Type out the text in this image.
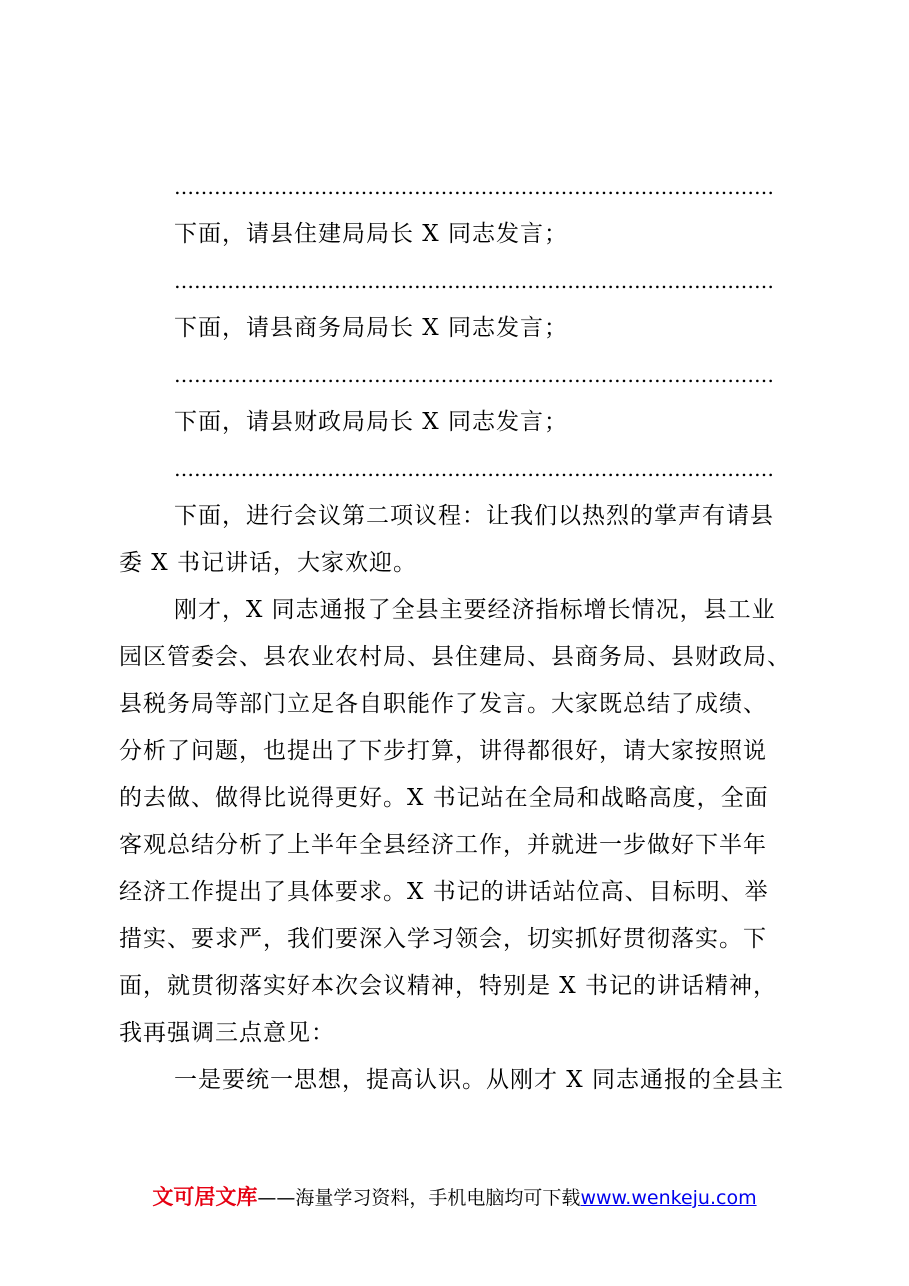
………………………………………………………………………………
下面，请县住建局局长 X 同志发言；
………………………………………………………………………………
下面，请县商务局局长 X 同志发言；
………………………………………………………………………………
下面，请县财政局局长 X 同志发言；
………………………………………………………………………………
下面，进行会议第二项议程：让我们以热烈的掌声有请县
委 X 书记讲话，大家欢迎。
刚才，X 同志通报了全县主要经济指标增长情况，县工业
园区管委会、县农业农村局、县住建局、县商务局、县财政局、
县税务局等部门立足各自职能作了发言。大家既总结了成绩、
分析了问题，也提出了下步打算，讲得都很好，请大家按照说
的去做、做得比说得更好。X 书记站在全局和战略高度，全面
客观总结分析了上半年全县经济工作，并就进一步做好下半年
经济工作提出了具体要求。X 书记的讲话站位高、目标明、举
措实、要求严，我们要深入学习领会，切实抓好贯彻落实。下
面，就贯彻落实好本次会议精神，特别是 X 书记的讲话精神，
我再强调三点意见：
一是要统一思想，提高认识。从刚才 X 同志通报的全县主
文可居文库——海量学习资料，手机电脑均可下载www.wenkeju.com
